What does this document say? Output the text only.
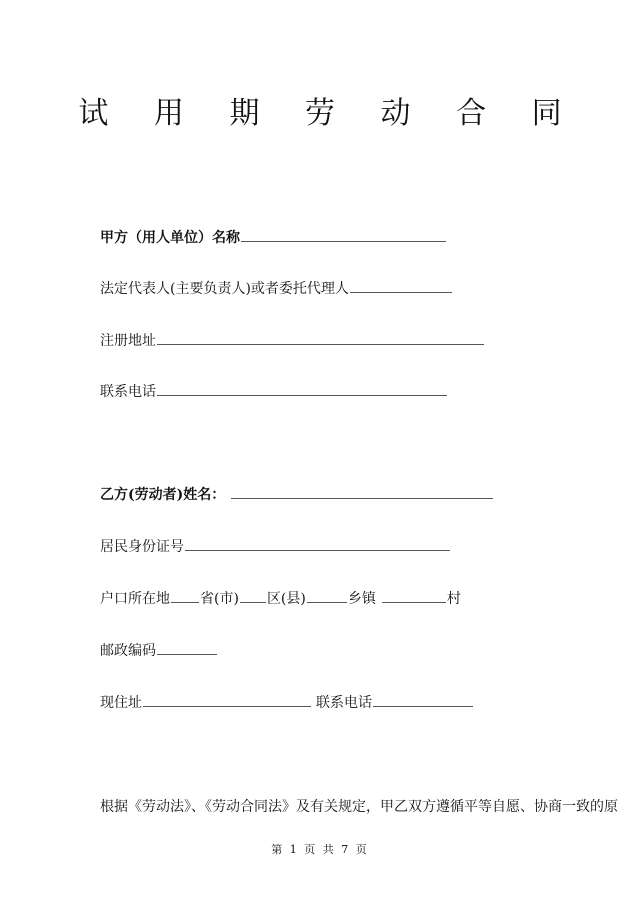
试 用 期 劳 动 合 同
甲方（用人单位）名称
法定代表人(主要负责人)或者委托代理人
注册地址
联系电话
乙方(劳动者)姓名：
居民身份证号
户口所在地 省(市) 区(县)	乡镇	村
邮政编码
现住址	联系电话
根据《劳动法》、《劳动合同法》及有关规定，甲乙双方遵循平等自愿、协商一致的原
第 1 页 共 7 页
